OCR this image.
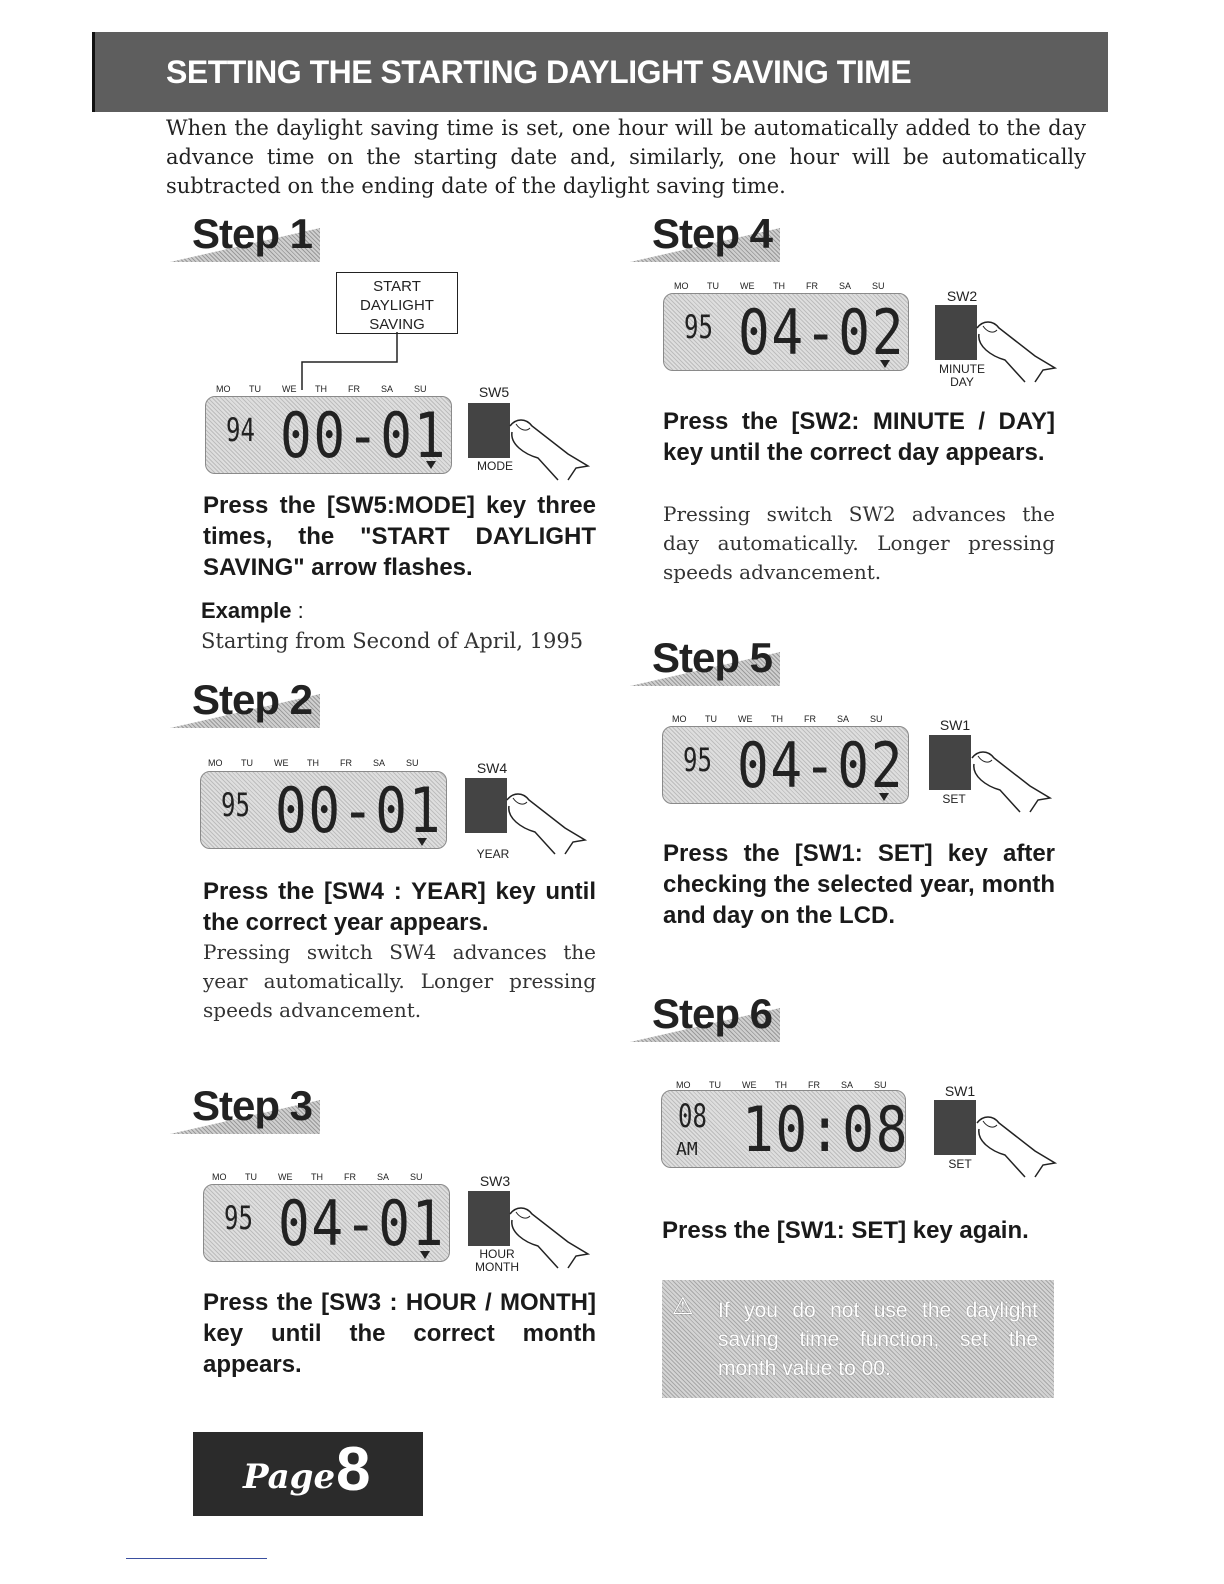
SETTING THE STARTING DAYLIGHT SAVING TIME
When the daylight saving time is set, one hour will be automatically added to the day advance time on the starting date and, similarly, one hour will be automatically subtracted on the ending date of the daylight saving time.
Step 1
START DAYLIGHT SAVING
MO TU WE TH FR SA SU
94 00-01
SW5
MODE
Press the [SW5:MODE] key three times, the "START DAYLIGHT SAVING" arrow flashes.
Example :
Starting from Second of April, 1995
Step 2
MO TU WE TH FR SA SU
95 00-01
SW4
YEAR
Press the [SW4 : YEAR] key until the correct year appears.
Pressing switch SW4 advances the year automatically. Longer pressing speeds advancement.
Step 3
MO TU WE TH FR SA SU
95 04-01
SW3
HOUR
MONTH
Press the [SW3 : HOUR / MONTH] key until the correct month appears.
Step 4
MO TU WE TH FR SA SU
95 04-02	SW2
MINUTE
DAY
Press the [SW2: MINUTE / DAY] key until the correct day appears.
Pressing switch SW2 advances the day automatically. Longer pressing speeds advancement.
Step 5
MO TU WE TH FR SA SU
95 04-02
SW1
SET
Press the [SW1: SET] key after checking the selected year, month and day on the LCD.
Step 6
MO TU WE TH FR SA SU
08
AM 10:08
SW1
SET
Press the [SW1: SET] key again.
⚠ If you do not use the daylight saving time function, set the month value to 00.
Page 8
